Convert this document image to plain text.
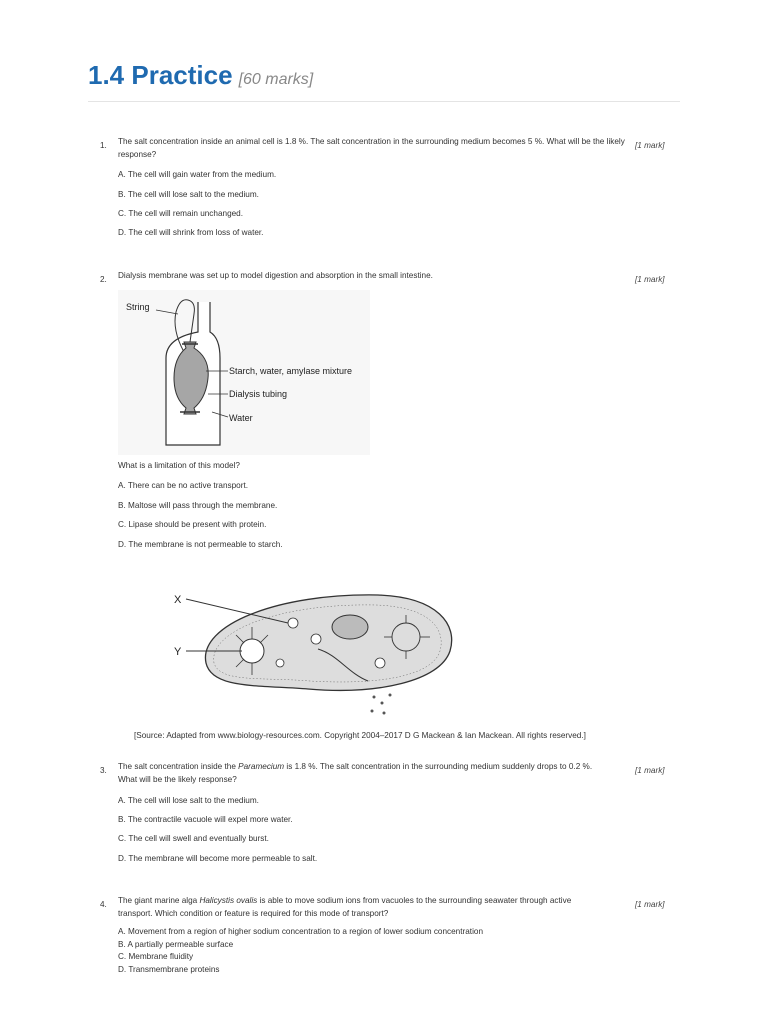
1.4 Practice [60 marks]
1. The salt concentration inside an animal cell is 1.8 %. The salt concentration in the surrounding medium becomes 5 %. What will be the likely response?
[1 mark]
A. The cell will gain water from the medium.
B. The cell will lose salt to the medium.
C. The cell will remain unchanged.
D. The cell will shrink from loss of water.
2. Dialysis membrane was set up to model digestion and absorption in the small intestine.	[1 mark]
String
Starch, water, amylase mixture
Dialysis tubing
Water
What is a limitation of this model?
A. There can be no active transport.
B. Maltose will pass through the membrane.
C. Lipase should be present with protein.
D. The membrane is not permeable to starch.
X
Y
[Source: Adapted from www.biology-resources.com. Copyright 2004–2017 D G Mackean & Ian Mackean. All rights reserved.]
3. The salt concentration inside the Paramecium is 1.8 %. The salt concentration in the surrounding medium suddenly drops to 0.2 %.
What will be the likely response?
[1 mark]
A. The cell will lose salt to the medium.
B. The contractile vacuole will expel more water.
C. The cell will swell and eventually burst.
D. The membrane will become more permeable to salt.
4. The giant marine alga Halicystis ovalis is able to move sodium ions from vacuoles to the surrounding seawater through active
transport. Which condition or feature is required for this mode of transport?
[1 mark]
A. Movement from a region of higher sodium concentration to a region of lower sodium concentration
B. A partially permeable surface
C. Membrane fluidity
D. Transmembrane proteins
